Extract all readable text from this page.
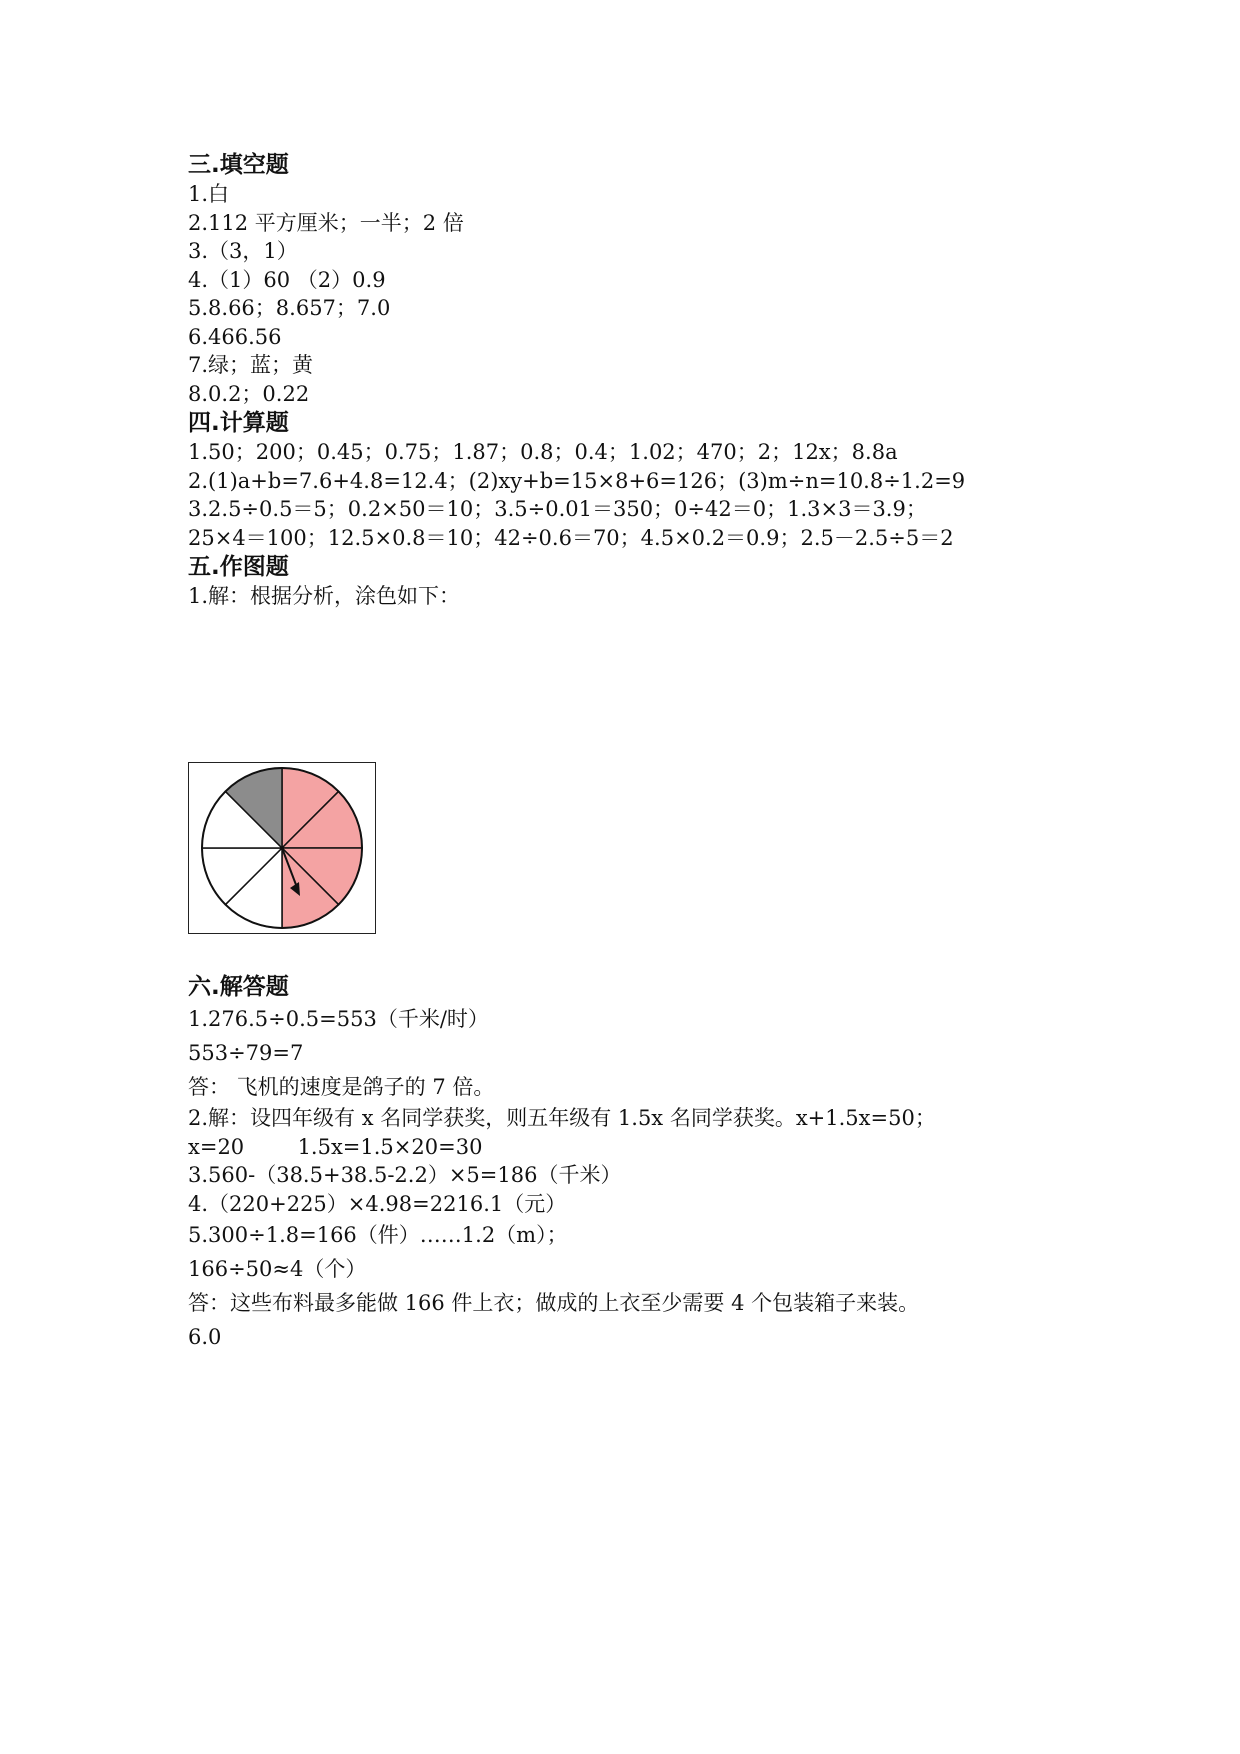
三.填空题
1.白
2.112 平方厘米；一半；2 倍
3.（3，1）
4.（1）60 （2）0.9
5.8.66；8.657；7.0
6.466.56
7.绿；蓝；黄
8.0.2；0.22
四.计算题
1.50；200；0.45；0.75；1.87；0.8；0.4；1.02；470；2；12x；8.8a
2.(1)a+b=7.6+4.8=12.4；(2)xy+b=15×8+6=126；(3)m÷n=10.8÷1.2=9
3.2.5÷0.5＝5；0.2×50＝10；3.5÷0.01＝350；0÷42＝0；1.3×3＝3.9；
25×4＝100；12.5×0.8＝10；42÷0.6＝70；4.5×0.2＝0.9；2.5－2.5÷5＝2
五.作图题
1.解：根据分析，涂色如下：
六.解答题
1.276.5÷0.5=553（千米/时）
553÷79=7
答： 飞机的速度是鸽子的 7 倍。
2.解：设四年级有 x 名同学获奖，则五年级有 1.5x 名同学获奖。x+1.5x=50；
x=20        1.5x=1.5×20=30
3.560-（38.5+38.5-2.2）×5=186（千米）
4.（220+225）×4.98=2216.1（元）
5.300÷1.8=166（件）……1.2（m）；
166÷50≈4（个）
答：这些布料最多能做 166 件上衣；做成的上衣至少需要 4 个包装箱子来装。
6.0
